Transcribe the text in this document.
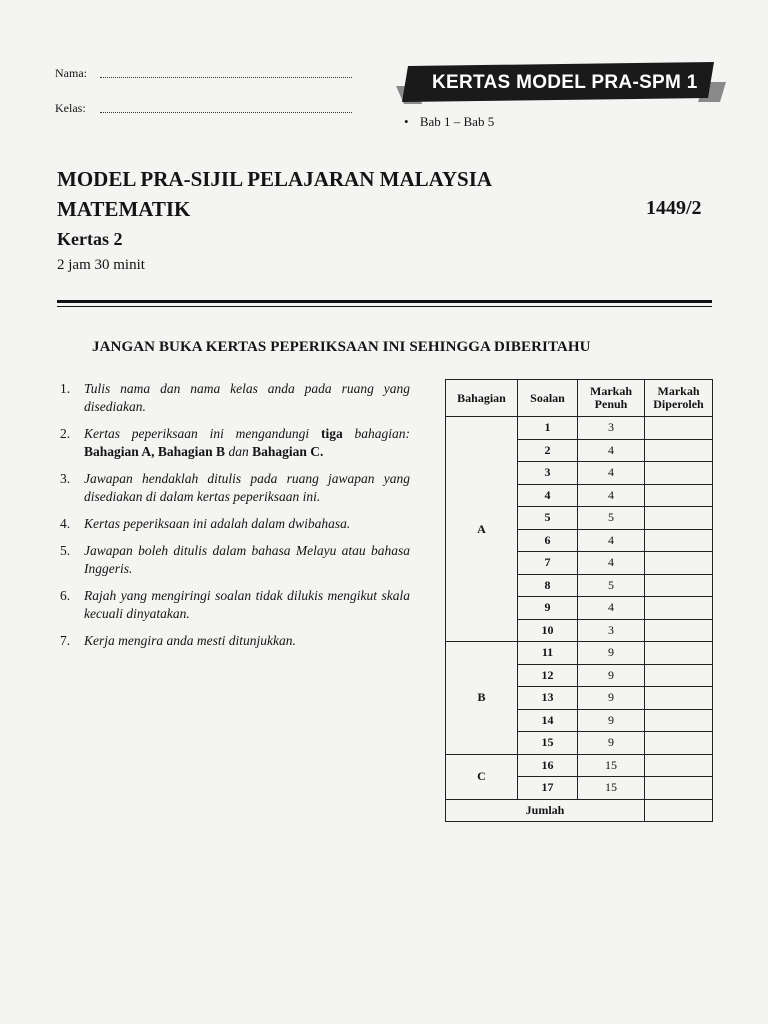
Nama:
Kelas:
KERTAS MODEL PRA-SPM 1
• Bab 1 – Bab 5
MODEL PRA-SIJIL PELAJARAN MALAYSIA
MATEMATIK	1449/2
Kertas 2
2 jam 30 minit
JANGAN BUKA KERTAS PEPERIKSAAN INI SEHINGGA DIBERITAHU
1. Tulis nama dan nama kelas anda pada ruang yang disediakan.
2. Kertas peperiksaan ini mengandungi tiga bahagian: Bahagian A, Bahagian B dan Bahagian C.
3. Jawapan hendaklah ditulis pada ruang jawapan yang disediakan di dalam kertas peperiksaan ini.
4. Kertas peperiksaan ini adalah dalam dwibahasa.
5. Jawapan boleh ditulis dalam bahasa Melayu atau bahasa Inggeris.
6. Rajah yang mengiringi soalan tidak dilukis mengikut skala kecuali dinyatakan.
7. Kerja mengira anda mesti ditunjukkan.
Bahagian	Soalan	Markah Penuh	Markah Diperoleh
A	1	3	
	2	4	
	3	4	
	4	4	
	5	5	
	6	4	
	7	4	
	8	5	
	9	4	
	10	3	
B	11	9	
	12	9	
	13	9	
	14	9	
	15	9	
C	16	15	
	17	15	
Jumlah			
